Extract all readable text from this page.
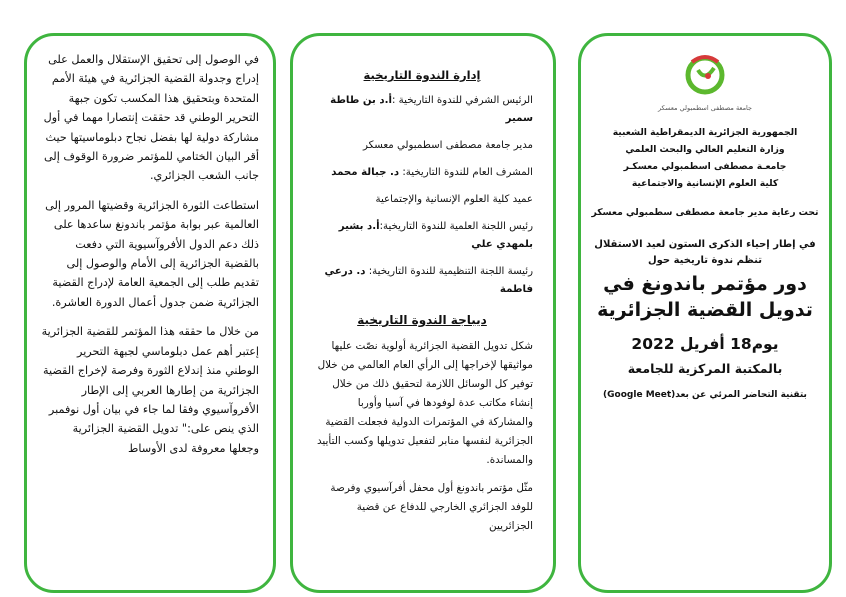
في الوصول إلى تحقيق الإستقلال والعمل على إدراج وجدولة القضية الجزائرية في هيئة الأمم المتحدة وبتحقيق هذا المكسب تكون جبهة التحرير الوطني قد حققت إنتصارا مهما في أول مشاركة دولية لها بفضل نجاح دبلوماسيتها حيث أقر البيان الختامي للمؤتمر ضرورة الوقوف إلى جانب الشعب الجزائري.

استطاعت الثورة الجزائرية وقضيتها المرور إلى العالمية عبر بوابة مؤتمر باندونغ ساعدها على ذلك دعم الدول الأفروآسيوية التي دفعت بالقضية الجزائرية إلى الأمام والوصول إلى تقديم طلب إلى الجمعية العامة لإدراج القضية الجزائرية ضمن جدول أعمال الدورة العاشرة.

من خلال ما حققه هذا المؤتمر للقضية الجزائرية إعتبر أهم عمل دبلوماسي لجبهة التحرير الوطني منذ إندلاع الثورة وفرصة لإخراج القضية الجزائرية من إطارها العربي إلى الإطار الأفروآسيوي وفقا لما جاء في بيان أول نوفمبر الذي ينص على:" تدويل القضية الجزائرية وجعلها معروفة لدى الأوساط

إدارة الندوة التاريخية
الرئيس الشرفي للندوة التاريخية :أ.د بن طاطة سمير
مدير جامعة مصطفى اسطمبولي معسكر
المشرف العام للندوة التاريخية: د. جبالة محمد
عميد كلية العلوم الإنسانية والإجتماعية
رئيس اللجنة العلمية للندوة التاريخية:أ.د بشير بلمهدي علي
رئيسة اللجنة التنظيمية للندوة التاريخية: د. درعي فاطمة
ديباجة الندوة التاريخية
شكل تدويل القضية الجزائرية أولوية نصّت عليها مواثيقها لإخراجها إلى الرأي العام العالمي من خلال توفير كل الوسائل اللازمة لتحقيق ذلك من خلال إنشاء مكاتب عدة لوفودها في آسيا وأوربا والمشاركة في المؤتمرات الدولية فجعلت القضية الجزائرية لنفسها منابر لتفعيل تدويلها وكسب التأييد والمساندة.
مثّل مؤتمر باندونغ أول محفل أفرآسيوي وفرصة للوفد الجزائري الخارجي للدفاع عن قضية الجزائريين
جامعة مصطفى اسطمبولي معسكر

الجمهورية الجزائرية الديمقراطية الشعبية

وزارة التعليم العالي والبحث العلمي

جامعـة مصطفى اسطمبولي معسكـر

كلية العلوم الإنسانية والاجتماعية

تحت رعاية مدير جامعة مصطفى سطمبولي معسكر

في إطار إحياء الذكرى الستون لعيد الاستقلال

تنظم ندوة تاريخية حول

دور مؤتمر باندونغ في

تدويل القضية الجزائرية

يوم18 أفريل 2022

بالمكتبة المركزية للجامعة

بتقنية التحاضر المرئي عن بعد(Google Meet)
